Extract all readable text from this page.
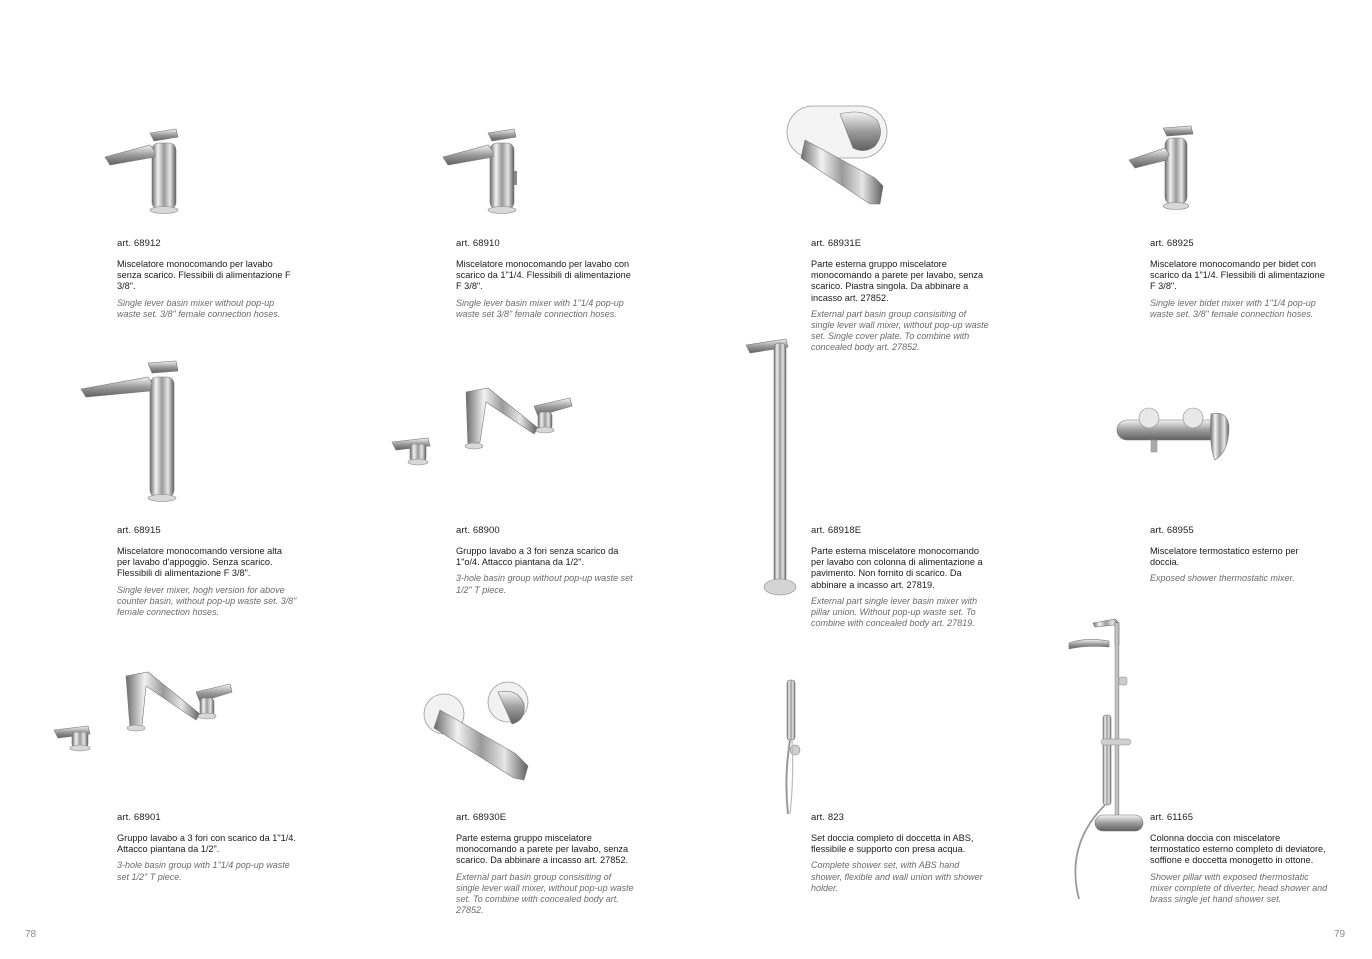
art. 68912

Miscelatore monocomando per lavabo senza scarico. Flessibili di alimentazione F 3/8".

Single lever basin mixer without pop-up waste set. 3/8" female connection hoses.

art. 68910

Miscelatore monocomando per lavabo con scarico da 1"1/4. Flessibili di alimentazione F 3/8".

Single lever basin mixer with 1"1/4 pop-up waste set 3/8" female connection hoses.

art. 68931E

Parte esterna gruppo miscelatore monocomando a parete per lavabo, senza scarico. Piastra singola. Da abbinare a incasso art. 27852.

External part basin group consisiting of single lever wall mixer, without pop-up waste set. Single cover plate. To combine with concealed body art. 27852.

art. 68925

Miscelatore monocomando per bidet con scarico da 1"1/4. Flessibili di alimentazione F 3/8".

Single lever bidet mixer with 1"1/4 pop-up waste set. 3/8" female connection hoses.

art. 68915

Miscelatore monocomando versione alta per lavabo d'appoggio. Senza scarico. Flessibili di alimentazione F 3/8".

Single lever mixer, hogh version for above counter basin, without pop-up waste set. 3/8" female connection hoses.

art. 68900

Gruppo lavabo a 3 fori senza scarico da 1"o/4. Attacco piantana da 1/2".

3-hole basin group without pop-up waste set 1/2" T piece.

art. 68918E

Parte esterna miscelatore monocomando per lavabo con colonna di alimentazione a pavimento. Non fornito di scarico. Da abbinare a incasso art. 27819.

External part single lever basin mixer with pillar union. Without pop-up waste set. To combine with concealed body art. 27819.

art. 68955

Miscelatore termostatico esterno per doccia.

Exposed shower thermostatic mixer.

art. 68901

Gruppo lavabo a 3 fori con scarico da 1"1/4. Attacco piantana da 1/2".

3-hole basin group with 1"1/4 pop-up waste set 1/2" T piece.

art. 68930E

Parte esterna gruppo miscelatore monocomando a parete per lavabo, senza scarico. Da abbinare a incasso art. 27852.

External part basin group consisiting of single lever wall mixer, without pop-up waste set. To combine with concealed body art. 27852.

art. 823

Set doccia completo di doccetta in ABS, flessibile e supporto con presa acqua.

Complete shower set, with ABS hand shower, flexible and wall union with shower holder.

art. 61165

Colonna doccia con miscelatore termostatico esterno completo di deviatore, soffione e doccetta monogetto in ottone.

Shower pillar with exposed thermostatic mixer complete of diverter, head shower and brass single jet hand shower set.

78	79
